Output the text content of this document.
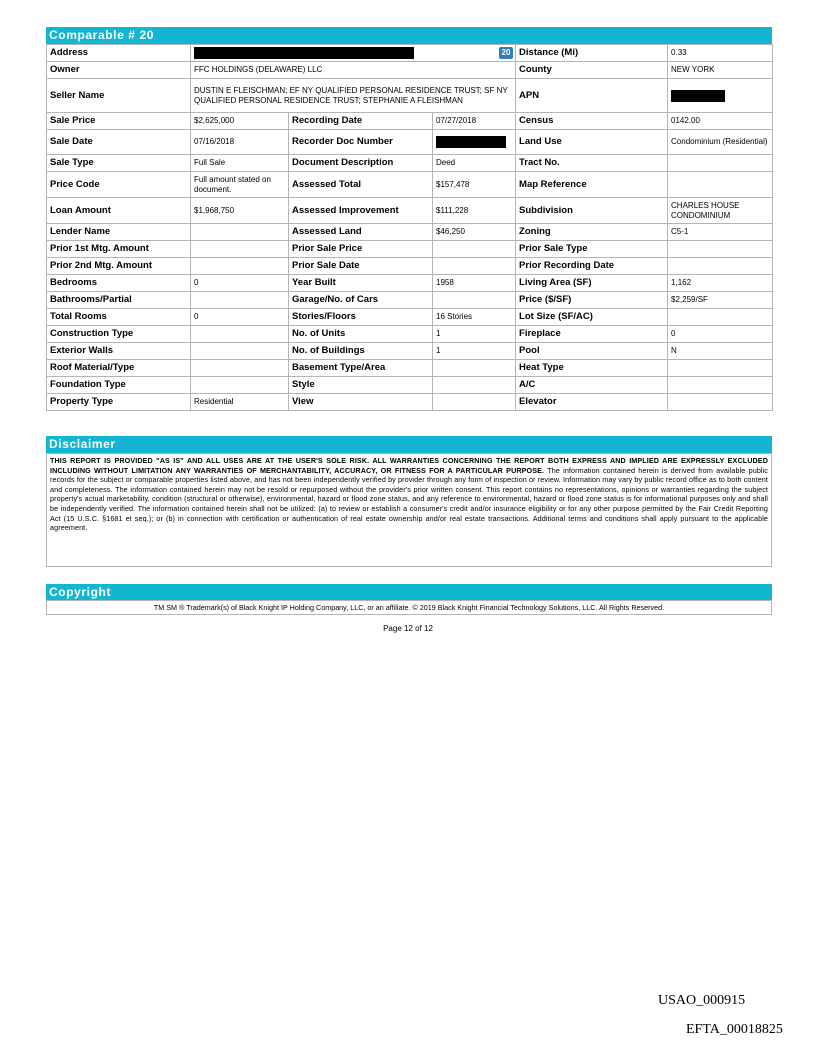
Comparable # 20
Address	20			Distance (Mi)	0.33
Owner	FFC HOLDINGS (DELAWARE) LLC			County	NEW YORK
Seller Name	DUSTIN E FLEISCHMAN; EF NY QUALIFIED PERSONAL RESIDENCE TRUST; SF NY QUALIFIED PERSONAL RESIDENCE TRUST; STEPHANIE A FLEISHMAN			APN	
Sale Price	$2,625,000	Recording Date	07/27/2018	Census	0142.00
Sale Date	07/16/2018	Recorder Doc Number		Land Use	Condominium (Residential)
Sale Type	Full Sale	Document Description	Deed	Tract No.	
Price Code	Full amount stated on document.	Assessed Total	$157,478	Map Reference	
Loan Amount	$1,968,750	Assessed Improvement	$111,228	Subdivision	CHARLES HOUSE CONDOMINIUM
Lender Name		Assessed Land	$46,250	Zoning	C5-1
Prior 1st Mtg. Amount		Prior Sale Price		Prior Sale Type	
Prior 2nd Mtg. Amount		Prior Sale Date		Prior Recording Date	
Bedrooms	0	Year Built	1958	Living Area (SF)	1,162
Bathrooms/Partial		Garage/No. of Cars		Price ($/SF)	$2,259/SF
Total Rooms	0	Stories/Floors	16 Stories	Lot Size (SF/AC)	
Construction Type		No. of Units	1	Fireplace	0
Exterior Walls		No. of Buildings	1	Pool	N
Roof Material/Type		Basement Type/Area		Heat Type	
Foundation Type		Style		A/C	
Property Type	Residential	View		Elevator	
Disclaimer
THIS REPORT IS PROVIDED "AS IS" AND ALL USES ARE AT THE USER'S SOLE RISK. ALL WARRANTIES CONCERNING THE REPORT BOTH EXPRESS AND IMPLIED ARE EXPRESSLY EXCLUDED INCLUDING WITHOUT LIMITATION ANY WARRANTIES OF MERCHANTABILITY, ACCURACY, OR FITNESS FOR A PARTICULAR PURPOSE. The information contained herein is derived from available public records for the subject or comparable properties listed above, and has not been independently verified by provider through any form of inspection or review. Information may vary by public record office as to both content and completeness. The information contained herein may not be resold or repurposed without the provider's prior written consent. This report contains no representations, opinions or warranties regarding the subject property's actual marketability, condition (structural or otherwise), environmental, hazard or flood zone status, and any reference to environmental, hazard or flood zone status is for informational purposes only and shall be independently verified. The information contained herein shall not be utilized: (a) to review or establish a consumer's credit and/or insurance eligibility or for any other purpose permitted by the Fair Credit Reporting Act (15 U.S.C. §1681 et seq.); or (b) in connection with certification or authentication of real estate ownership and/or real estate transactions. Additional terms and conditions shall apply pursuant to the applicable agreement.
Copyright
TM SM ® Trademark(s) of Black Knight IP Holding Company, LLC, or an affiliate. © 2019 Black Knight Financial Technology Solutions, LLC. All Rights Reserved.
Page 12 of 12
USAO_000915
EFTA_00018825
